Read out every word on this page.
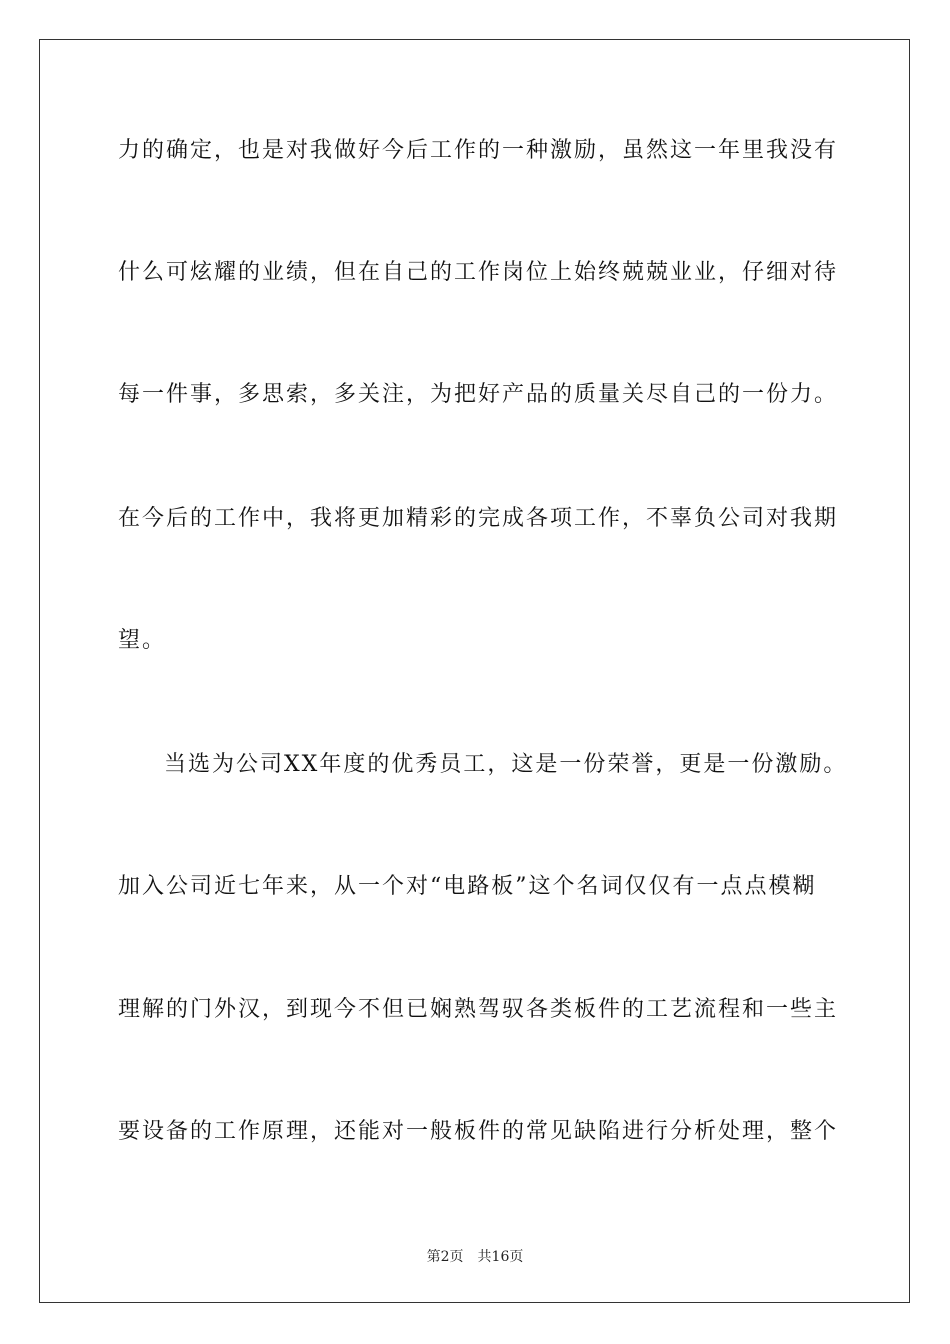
力的确定，也是对我做好今后工作的一种激励，虽然这一年里我没有
什么可炫耀的业绩，但在自己的工作岗位上始终兢兢业业，仔细对待
每一件事，多思索，多关注，为把好产品的质量关尽自己的一份力。
在今后的工作中，我将更加精彩的完成各项工作，不辜负公司对我期
望。
当选为公司XX年度的优秀员工，这是一份荣誉，更是一份激励。
加入公司近七年来，从一个对“电路板”这个名词仅仅有一点点模糊
理解的门外汉，到现今不但已娴熟驾驭各类板件的工艺流程和一些主
要设备的工作原理，还能对一般板件的常见缺陷进行分析处理，整个
第2页 共16页
